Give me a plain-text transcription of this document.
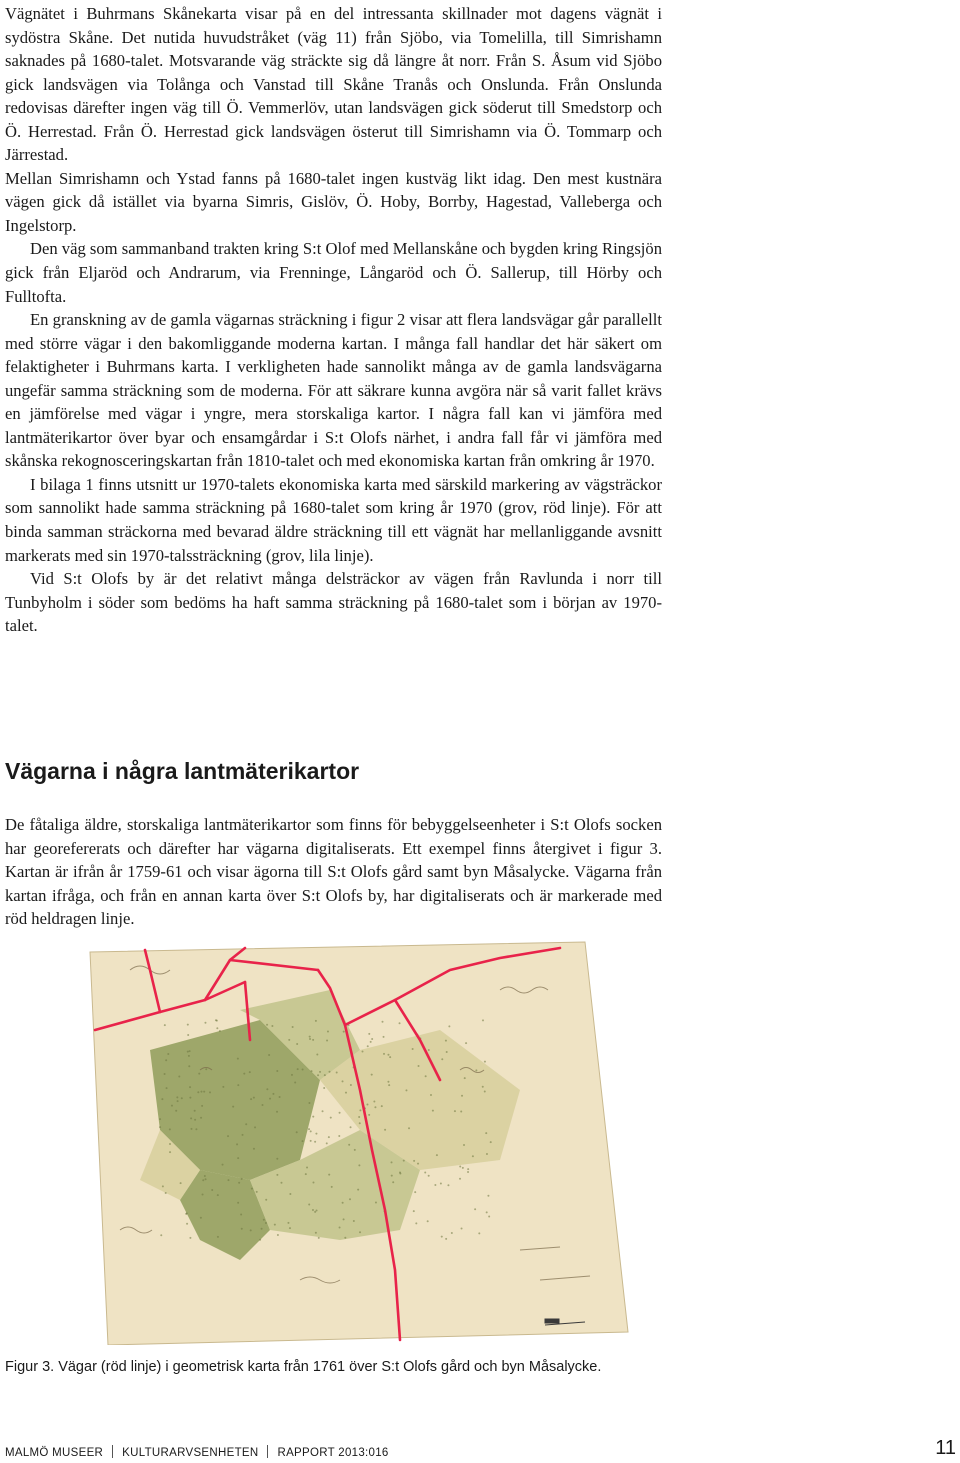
Vägnätet i Buhrmans Skånekarta visar på en del intressanta skillnader mot dagens vägnät i sydöstra Skåne. Det nutida huvudstråket (väg 11) från Sjöbo, via Tomelilla, till Simrishamn saknades på 1680-talet. Motsvarande väg sträckte sig då längre åt norr. Från S. Åsum vid Sjöbo gick landsvägen via Tolånga och Vanstad till Skåne Tranås och Onslunda. Från Onslunda redovisas därefter ingen väg till Ö. Vemmerlöv, utan landsvägen gick söderut till Smedstorp och Ö. Herrestad. Från Ö. Herrestad gick landsvägen österut till Simrishamn via Ö. Tommarp och Järrestad.

Mellan Simrishamn och Ystad fanns på 1680-talet ingen kustväg likt idag. Den mest kustnära vägen gick då istället via byarna Simris, Gislöv, Ö. Hoby, Borrby, Hagestad, Valleberga och Ingelstorp.

Den väg som sammanband trakten kring S:t Olof med Mellanskåne och bygden kring Ringsjön gick från Eljaröd och Andrarum, via Frenninge, Långaröd och Ö. Sallerup, till Hörby och Fulltofta.

En granskning av de gamla vägarnas sträckning i figur 2 visar att flera landsvägar går parallellt med större vägar i den bakomliggande moderna kartan. I många fall handlar det här säkert om felaktigheter i Buhrmans karta. I verkligheten hade sannolikt många av de gamla landsvägarna ungefär samma sträckning som de moderna. För att säkrare kunna avgöra när så varit fallet krävs en jämförelse med vägar i yngre, mera storskaliga kartor. I några fall kan vi jämföra med lantmäterikartor över byar och ensamgårdar i S:t Olofs närhet, i andra fall får vi jämföra med skånska rekognosceringskartan från 1810-talet och med ekonomiska kartan från omkring år 1970.

I bilaga 1 finns utsnitt ur 1970-talets ekonomiska karta med särskild markering av vägsträckor som sannolikt hade samma sträckning på 1680-talet som kring år 1970 (grov, röd linje). För att binda samman sträckorna med bevarad äldre sträckning till ett vägnät har mellanliggande avsnitt markerats med sin 1970-talssträckning (grov, lila linje).

Vid S:t Olofs by är det relativt många delsträckor av vägen från Ravlunda i norr till Tunbyholm i söder som bedöms ha haft samma sträckning på 1680-talet som i början av 1970-talet.

Vägarna i några lantmäterikartor

De fåtaliga äldre, storskaliga lantmäterikartor som finns för bebyggelseenheter i S:t Olofs socken har georefererats och därefter har vägarna digitaliserats. Ett exempel finns återgivet i figur 3. Kartan är ifrån år 1759-61 och visar ägorna till S:t Olofs gård samt byn Måsalycke. Vägarna från kartan ifråga, och från en annan karta över S:t Olofs by, har digitaliserats och är markerade med röd heldragen linje.

Figur 3. Vägar (röd linje) i geometrisk karta från 1761 över S:t Olofs gård och byn Måsalycke.

MALMÖ MUSEER KULTURARVSENHETEN RAPPORT 2013:016	11
